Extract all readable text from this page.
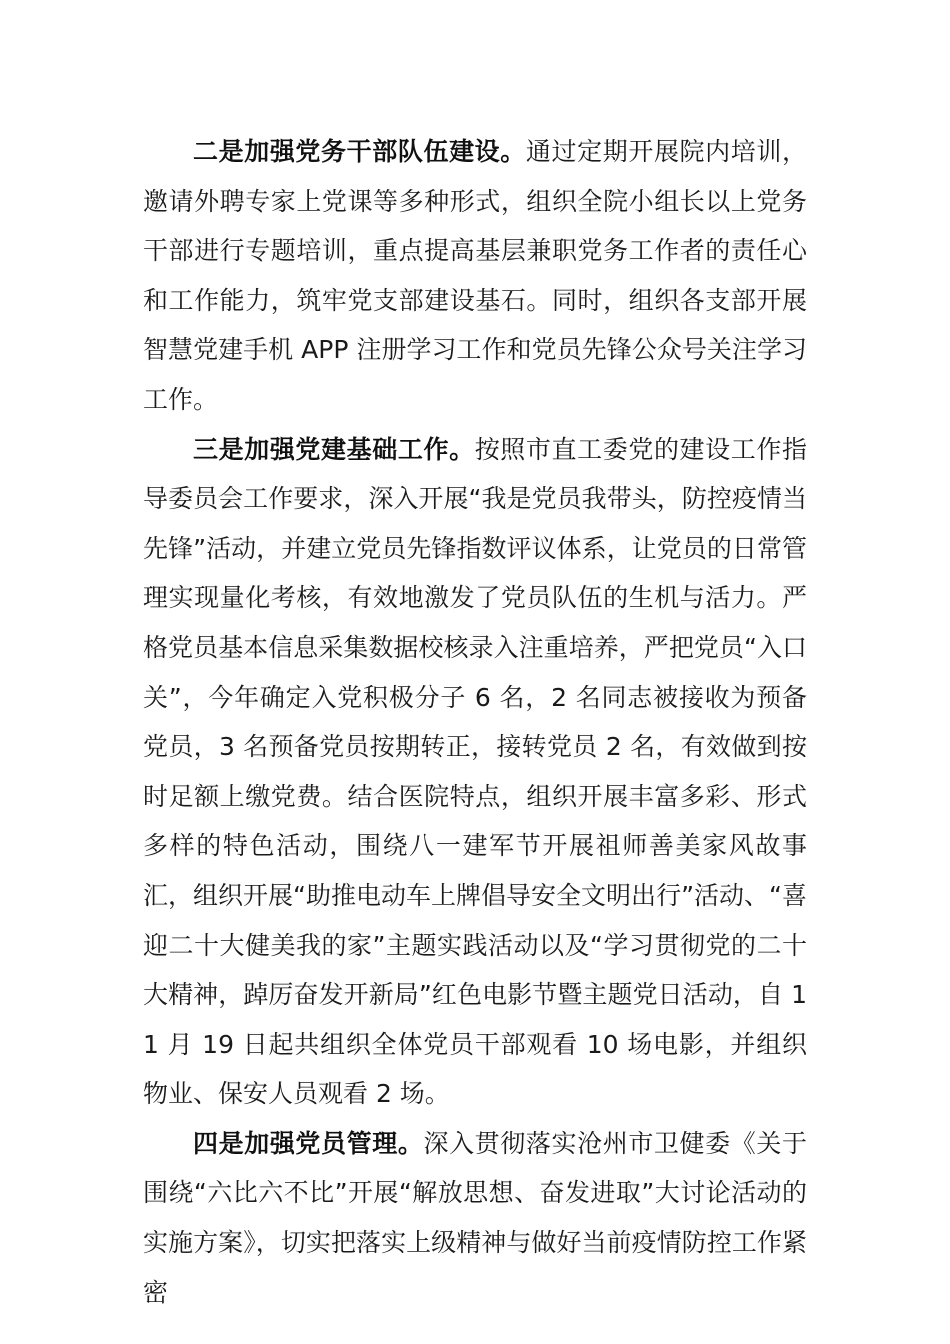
二是加强党务干部队伍建设。通过定期开展院内培训，邀请外聘专家上党课等多种形式，组织全院小组长以上党务干部进行专题培训，重点提高基层兼职党务工作者的责任心和工作能力，筑牢党支部建设基石。同时，组织各支部开展智慧党建手机 APP 注册学习工作和党员先锋公众号关注学习工作。

三是加强党建基础工作。按照市直工委党的建设工作指导委员会工作要求，深入开展“我是党员我带头，防控疫情当先锋”活动，并建立党员先锋指数评议体系，让党员的日常管理实现量化考核，有效地激发了党员队伍的生机与活力。严格党员基本信息采集数据校核录入注重培养，严把党员“入口关”，今年确定入党积极分子 6 名，2 名同志被接收为预备党员，3 名预备党员按期转正，接转党员 2 名，有效做到按时足额上缴党费。结合医院特点，组织开展丰富多彩、形式多样的特色活动，围绕八一建军节开展祖师善美家风故事汇，组织开展“助推电动车上牌倡导安全文明出行”活动、“喜迎二十大健美我的家”主题实践活动以及“学习贯彻党的二十大精神，踔厉奋发开新局”红色电影节暨主题党日活动，自 11 月 19 日起共组织全体党员干部观看 10 场电影，并组织物业、保安人员观看 2 场。

四是加强党员管理。深入贯彻落实沧州市卫健委《关于围绕“六比六不比”开展“解放思想、奋发进取”大讨论活动的实施方案》，切实把落实上级精神与做好当前疫情防控工作紧密
